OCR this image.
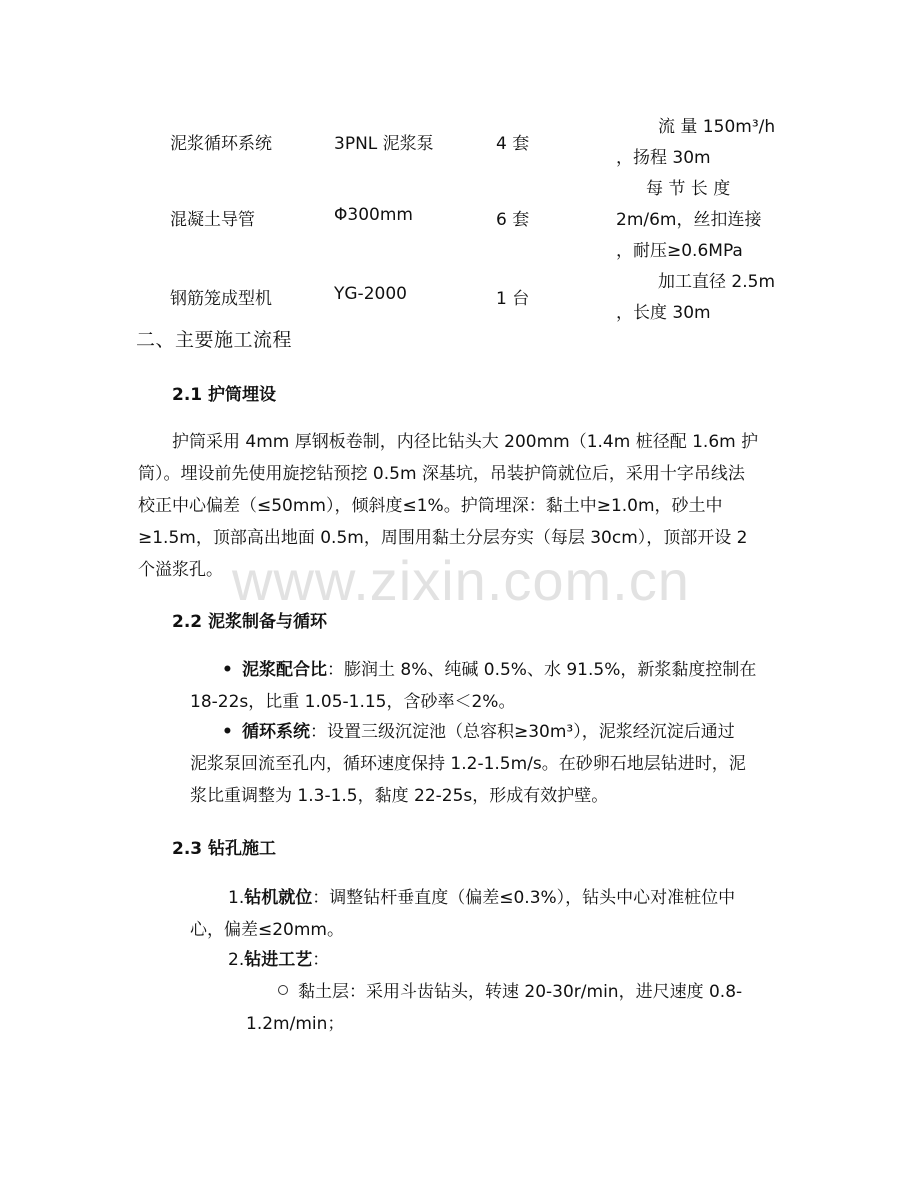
泥浆循环系统	3PNL 泥浆泵	4 套
流 量 150m³/h
，扬程 30m
混凝土导管	Φ300mm	6 套
每 节 长 度
2m/6m，丝扣连接
，耐压≥0.6MPa
钢筋笼成型机	YG-2000	1 台
加工直径 2.5m
，长度 30m
二、主要施工流程
2.1 护筒埋设
护筒采用 4mm 厚钢板卷制，内径比钻头大 200mm（1.4m 桩径配 1.6m 护
筒）。埋设前先使用旋挖钻预挖 0.5m 深基坑，吊装护筒就位后，采用十字吊线法
校正中心偏差（≤50mm），倾斜度≤1%。护筒埋深：黏土中≥1.0m，砂土中
≥1.5m，顶部高出地面 0.5m，周围用黏土分层夯实（每层 30cm），顶部开设 2
个溢浆孔。
2.2 泥浆制备与循环
• 泥浆配合比：膨润土 8%、纯碱 0.5%、水 91.5%，新浆黏度控制在
18-22s，比重 1.05-1.15，含砂率＜2%。
• 循环系统：设置三级沉淀池（总容积≥30m³），泥浆经沉淀后通过
泥浆泵回流至孔内，循环速度保持 1.2-1.5m/s。在砂卵石地层钻进时，泥
浆比重调整为 1.3-1.5，黏度 22-25s，形成有效护壁。
2.3 钻孔施工
1.钻机就位：调整钻杆垂直度（偏差≤0.3%），钻头中心对准桩位中
心，偏差≤20mm。
2.钻进工艺：
黏土层：采用斗齿钻头，转速 20-30r/min，进尺速度 0.8-
1.2m/min；
www.zixin.com.cn
